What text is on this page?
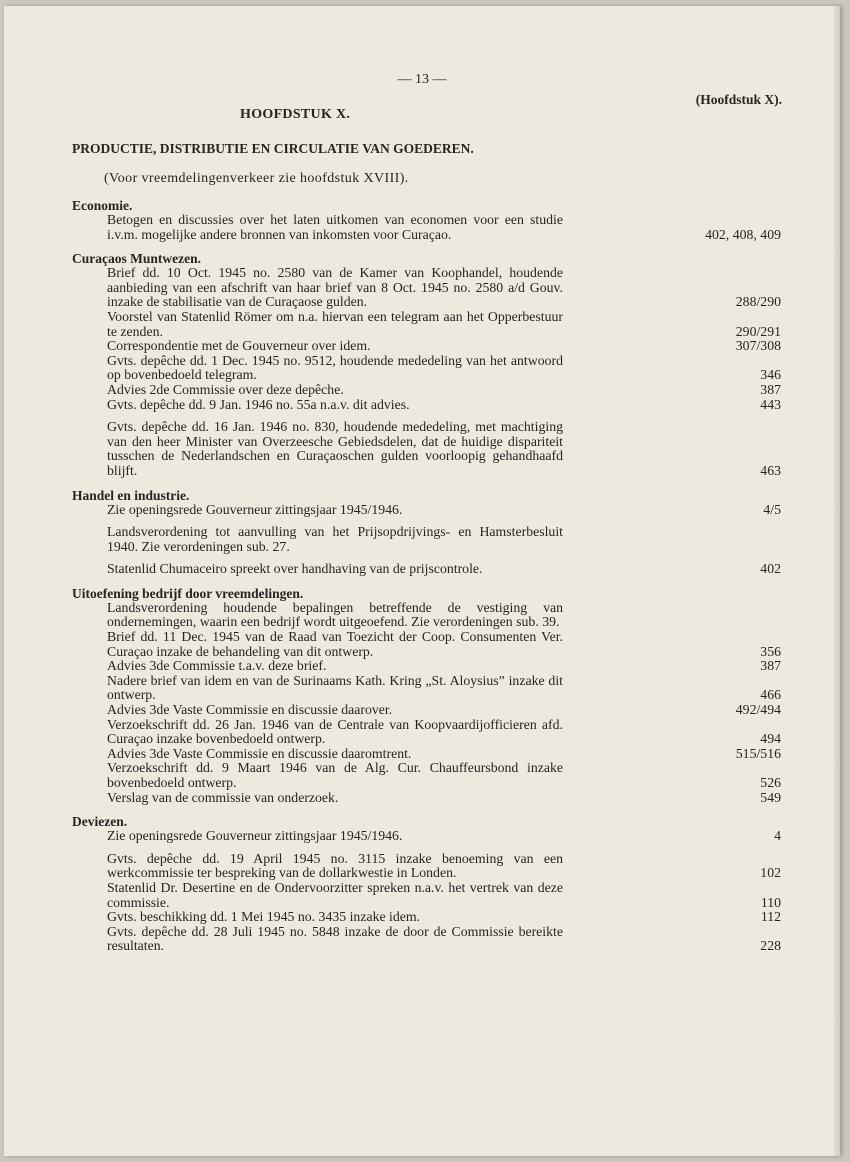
— 13 —
(Hoofdstuk X).
HOOFDSTUK X.
PRODUCTIE, DISTRIBUTIE EN CIRCULATIE VAN GOEDEREN.
(Voor vreemdelingenverkeer zie hoofdstuk XVIII).
Economie.
Betogen en discussies over het laten uitkomen van economen voor een studie i.v.m. mogelijke andere bronnen van inkomsten voor Curaçao.	402, 408, 409
Curaçaos Muntwezen.
Brief dd. 10 Oct. 1945 no. 2580 van de Kamer van Koophandel, houdende aanbieding van een afschrift van haar brief van 8 Oct. 1945 no. 2580 a/d Gouv. inzake de stabilisatie van de Curaçaose gulden.	288/290
Voorstel van Statenlid Römer om n.a. hiervan een telegram aan het Opperbestuur te zenden.	290/291
Correspondentie met de Gouverneur over idem.	307/308
Gvts. depêche dd. 1 Dec. 1945 no. 9512, houdende mededeling van het antwoord op bovenbedoeld telegram.	346
Advies 2de Commissie over deze depêche.	387
Gvts. depêche dd. 9 Jan. 1946 no. 55a n.a.v. dit advies.	443
Gvts. depêche dd. 16 Jan. 1946 no. 830, houdende mededeling, met machtiging van den heer Minister van Overzeesche Gebiedsdelen, dat de huidige dispariteit tusschen de Nederlandschen en Curaçaoschen gulden voorloopig gehandhaafd blijft.	463
Handel en industrie.
Zie openingsrede Gouverneur zittingsjaar 1945/1946.	4/5
Landsverordening tot aanvulling van het Prijsopdrijvings- en Hamsterbesluit 1940. Zie verordeningen sub. 27.
Statenlid Chumaceiro spreekt over handhaving van de prijscontrole.	402
Uitoefening bedrijf door vreemdelingen.
Landsverordening houdende bepalingen betreffende de vestiging van ondernemingen, waarin een bedrijf wordt uitgeoefend. Zie verordeningen sub. 39.
Brief dd. 11 Dec. 1945 van de Raad van Toezicht der Coop. Consumenten Ver. Curaçao inzake de behandeling van dit ontwerp.	356
Advies 3de Commissie t.a.v. deze brief.	387
Nadere brief van idem en van de Surinaams Kath. Kring „St. Aloysius” inzake dit ontwerp.	466
Advies 3de Vaste Commissie en discussie daarover.	492/494
Verzoekschrift dd. 26 Jan. 1946 van de Centrale van Koopvaardijofficieren afd. Curaçao inzake bovenbedoeld ontwerp.	494
Advies 3de Vaste Commissie en discussie daaromtrent.	515/516
Verzoekschrift dd. 9 Maart 1946 van de Alg. Cur. Chauffeursbond inzake bovenbedoeld ontwerp.	526
Verslag van de commissie van onderzoek.	549
Deviezen.
Zie openingsrede Gouverneur zittingsjaar 1945/1946.	4
Gvts. depêche dd. 19 April 1945 no. 3115 inzake benoeming van een werkcommissie ter bespreking van de dollarkwestie in Londen.	102
Statenlid Dr. Desertine en de Ondervoorzitter spreken n.a.v. het vertrek van deze commissie.	110
Gvts. beschikking dd. 1 Mei 1945 no. 3435 inzake idem.	112
Gvts. depêche dd. 28 Juli 1945 no. 5848 inzake de door de Commissie bereikte resultaten.	228
